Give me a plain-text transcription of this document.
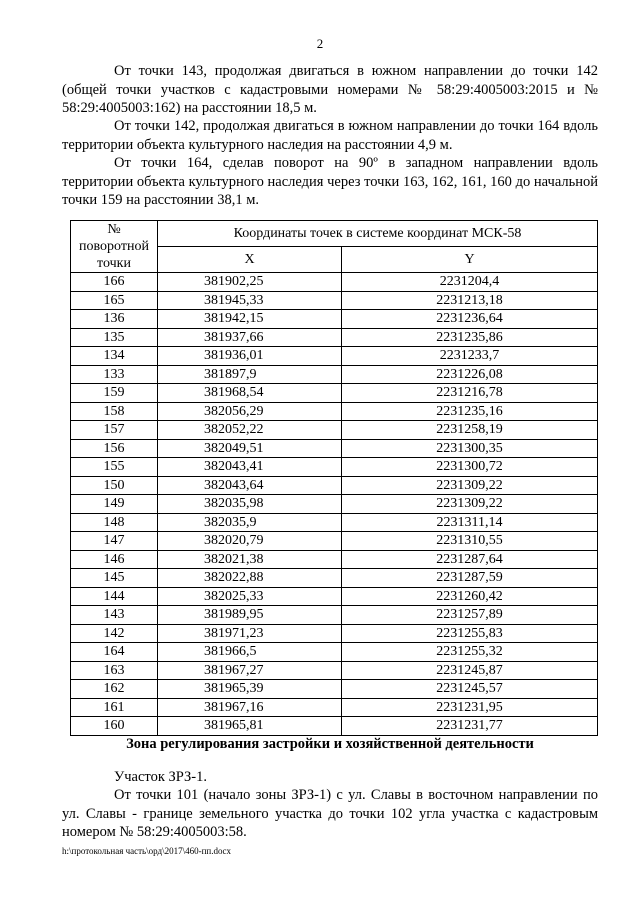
2

От точки 143, продолжая двигаться в южном направлении до точки 142 (общей точки участков с кадастровыми номерами № 58:29:4005003:2015 и № 58:29:4005003:162) на расстоянии 18,5 м.

От точки 142, продолжая двигаться в южном направлении до точки 164 вдоль территории объекта культурного наследия на расстоянии 4,9 м.

От точки 164, сделав поворот на 90º в западном направлении вдоль территории объекта культурного наследия через точки 163, 162, 161, 160 до начальной точки 159 на расстоянии 38,1 м.

№
поворотной
точки	Координаты точек в системе координат МСК-58	
	X	Y
166	381902,25	2231204,4
165	381945,33	2231213,18
136	381942,15	2231236,64
135	381937,66	2231235,86
134	381936,01	2231233,7
133	381897,9	2231226,08
159	381968,54	2231216,78
158	382056,29	2231235,16
157	382052,22	2231258,19
156	382049,51	2231300,35
155	382043,41	2231300,72
150	382043,64	2231309,22
149	382035,98	2231309,22
148	382035,9	2231311,14
147	382020,79	2231310,55
146	382021,38	2231287,64
145	382022,88	2231287,59
144	382025,33	2231260,42
143	381989,95	2231257,89
142	381971,23	2231255,83
164	381966,5	2231255,32
163	381967,27	2231245,87
162	381965,39	2231245,57
161	381967,16	2231231,95
160	381965,81	2231231,77
Зона регулирования застройки и хозяйственной деятельности

Участок ЗРЗ-1.

От точки 101 (начало зоны ЗРЗ-1) с ул. Славы в восточном направлении по ул. Славы - границе земельного участка до точки 102 угла участка с кадастровым номером № 58:29:4005003:58.

h:\протокольная часть\орд\2017\460-пп.docx
